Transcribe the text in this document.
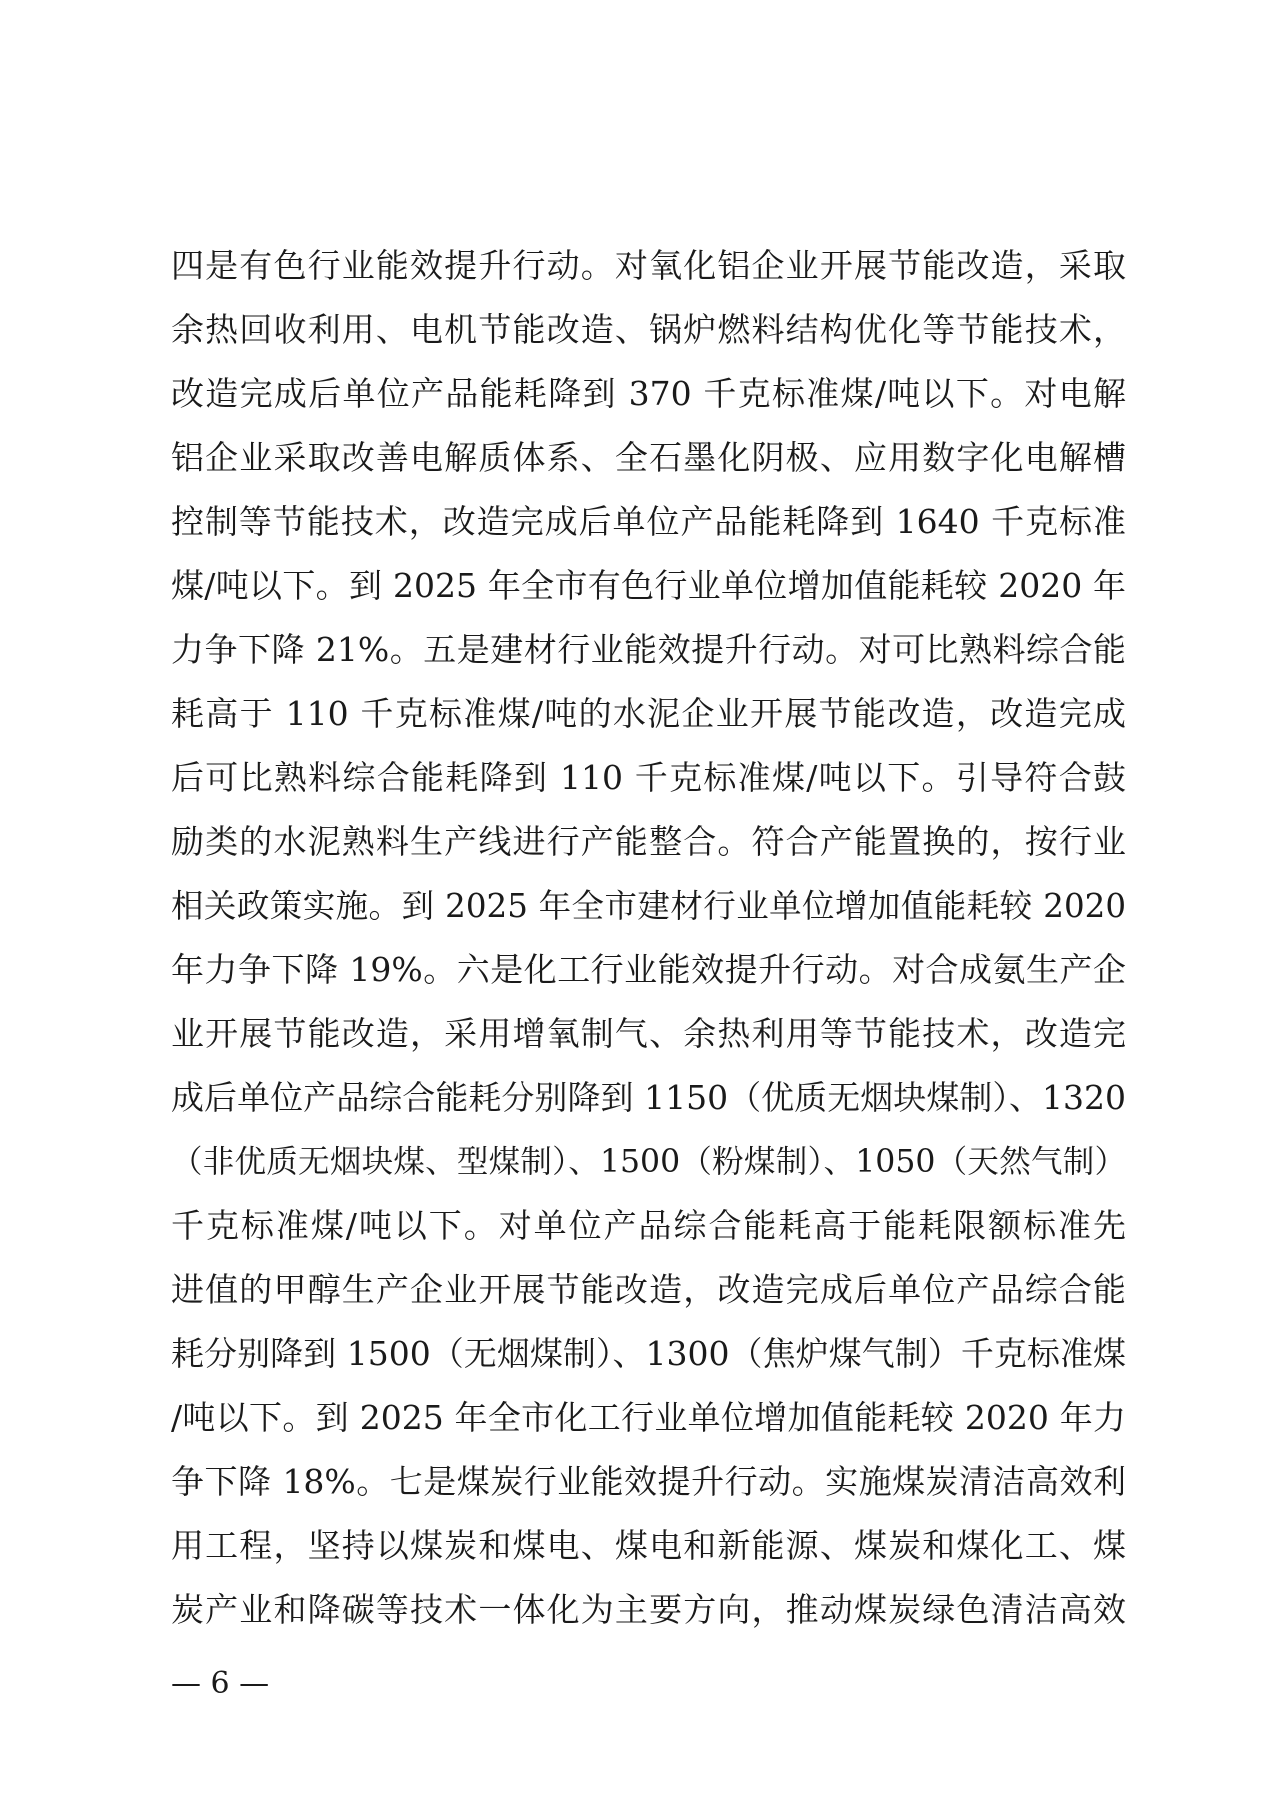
四是有色行业能效提升行动。对氧化铝企业开展节能改造，采取
余热回收利用、电机节能改造、锅炉燃料结构优化等节能技术，
改造完成后单位产品能耗降到 370 千克标准煤/吨以下。对电解
铝企业采取改善电解质体系、全石墨化阴极、应用数字化电解槽
控制等节能技术，改造完成后单位产品能耗降到 1640 千克标准
煤/吨以下。到 2025 年全市有色行业单位增加值能耗较 2020 年
力争下降 21%。五是建材行业能效提升行动。对可比熟料综合能
耗高于 110 千克标准煤/吨的水泥企业开展节能改造，改造完成
后可比熟料综合能耗降到 110 千克标准煤/吨以下。引导符合鼓
励类的水泥熟料生产线进行产能整合。符合产能置换的，按行业
相关政策实施。到 2025 年全市建材行业单位增加值能耗较 2020
年力争下降 19%。六是化工行业能效提升行动。对合成氨生产企
业开展节能改造，采用增氧制气、余热利用等节能技术，改造完
成后单位产品综合能耗分别降到 1150（优质无烟块煤制）、1320
（非优质无烟块煤、型煤制）、1500（粉煤制）、1050（天然气制）
千克标准煤/吨以下。对单位产品综合能耗高于能耗限额标准先
进值的甲醇生产企业开展节能改造，改造完成后单位产品综合能
耗分别降到 1500（无烟煤制）、1300（焦炉煤气制）千克标准煤
/吨以下。到 2025 年全市化工行业单位增加值能耗较 2020 年力
争下降 18%。七是煤炭行业能效提升行动。实施煤炭清洁高效利
用工程，坚持以煤炭和煤电、煤电和新能源、煤炭和煤化工、煤
炭产业和降碳等技术一体化为主要方向，推动煤炭绿色清洁高效
— 6 —
